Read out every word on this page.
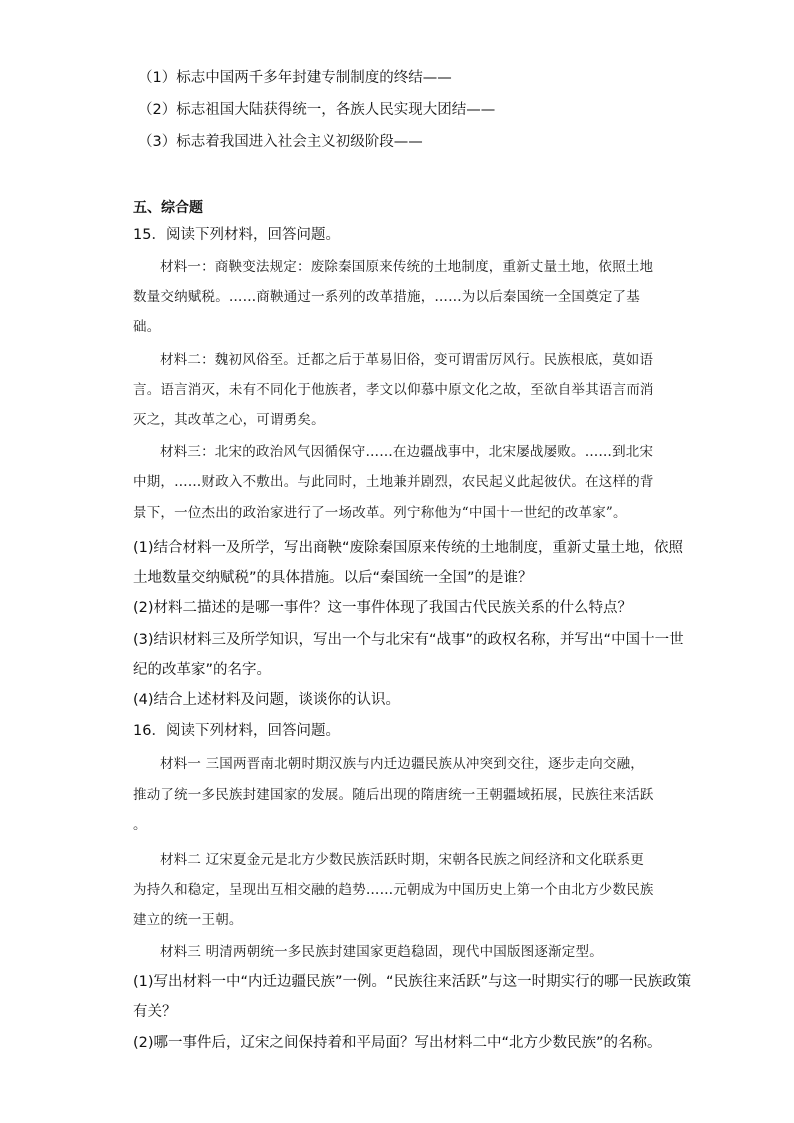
（1）标志中国两千多年封建专制制度的终结——
（2）标志祖国大陆获得统一，各族人民实现大团结——
（3）标志着我国进入社会主义初级阶段——
五、综合题
15．阅读下列材料，回答问题。
材料一：商鞅变法规定：废除秦国原来传统的土地制度，重新丈量土地，依照土地
数量交纳赋税。……商鞅通过一系列的改革措施，……为以后秦国统一全国奠定了基
础。
材料二：魏初风俗至。迁都之后于革易旧俗，变可谓雷厉风行。民族根底，莫如语
言。语言消灭，未有不同化于他族者，孝文以仰慕中原文化之故，至欲自举其语言而消
灭之，其改革之心，可谓勇矣。
材料三：北宋的政治风气因循保守……在边疆战事中，北宋屡战屡败。……到北宋
中期，……财政入不敷出。与此同时，土地兼并剧烈，农民起义此起彼伏。在这样的背
景下，一位杰出的政治家进行了一场改革。列宁称他为“中国十一世纪的改革家”。
(1)结合材料一及所学，写出商鞅“废除秦国原来传统的土地制度，重新丈量土地，依照
土地数量交纳赋税”的具体措施。以后“秦国统一全国”的是谁？
(2)材料二描述的是哪一事件？这一事件体现了我国古代民族关系的什么特点？
(3)结识材料三及所学知识，写出一个与北宋有“战事”的政权名称，并写出“中国十一世
纪的改革家”的名字。
(4)结合上述材料及问题，谈谈你的认识。
16．阅读下列材料，回答问题。
材料一 三国两晋南北朝时期汉族与内迁边疆民族从冲突到交往，逐步走向交融，
推动了统一多民族封建国家的发展。随后出现的隋唐统一王朝疆域拓展，民族往来活跃
。
材料二 辽宋夏金元是北方少数民族活跃时期，宋朝各民族之间经济和文化联系更
为持久和稳定，呈现出互相交融的趋势……元朝成为中国历史上第一个由北方少数民族
建立的统一王朝。
材料三 明清两朝统一多民族封建国家更趋稳固，现代中国版图逐渐定型。
(1)写出材料一中“内迁边疆民族”一例。“民族往来活跃”与这一时期实行的哪一民族政策
有关？
(2)哪一事件后，辽宋之间保持着和平局面？写出材料二中“北方少数民族”的名称。
